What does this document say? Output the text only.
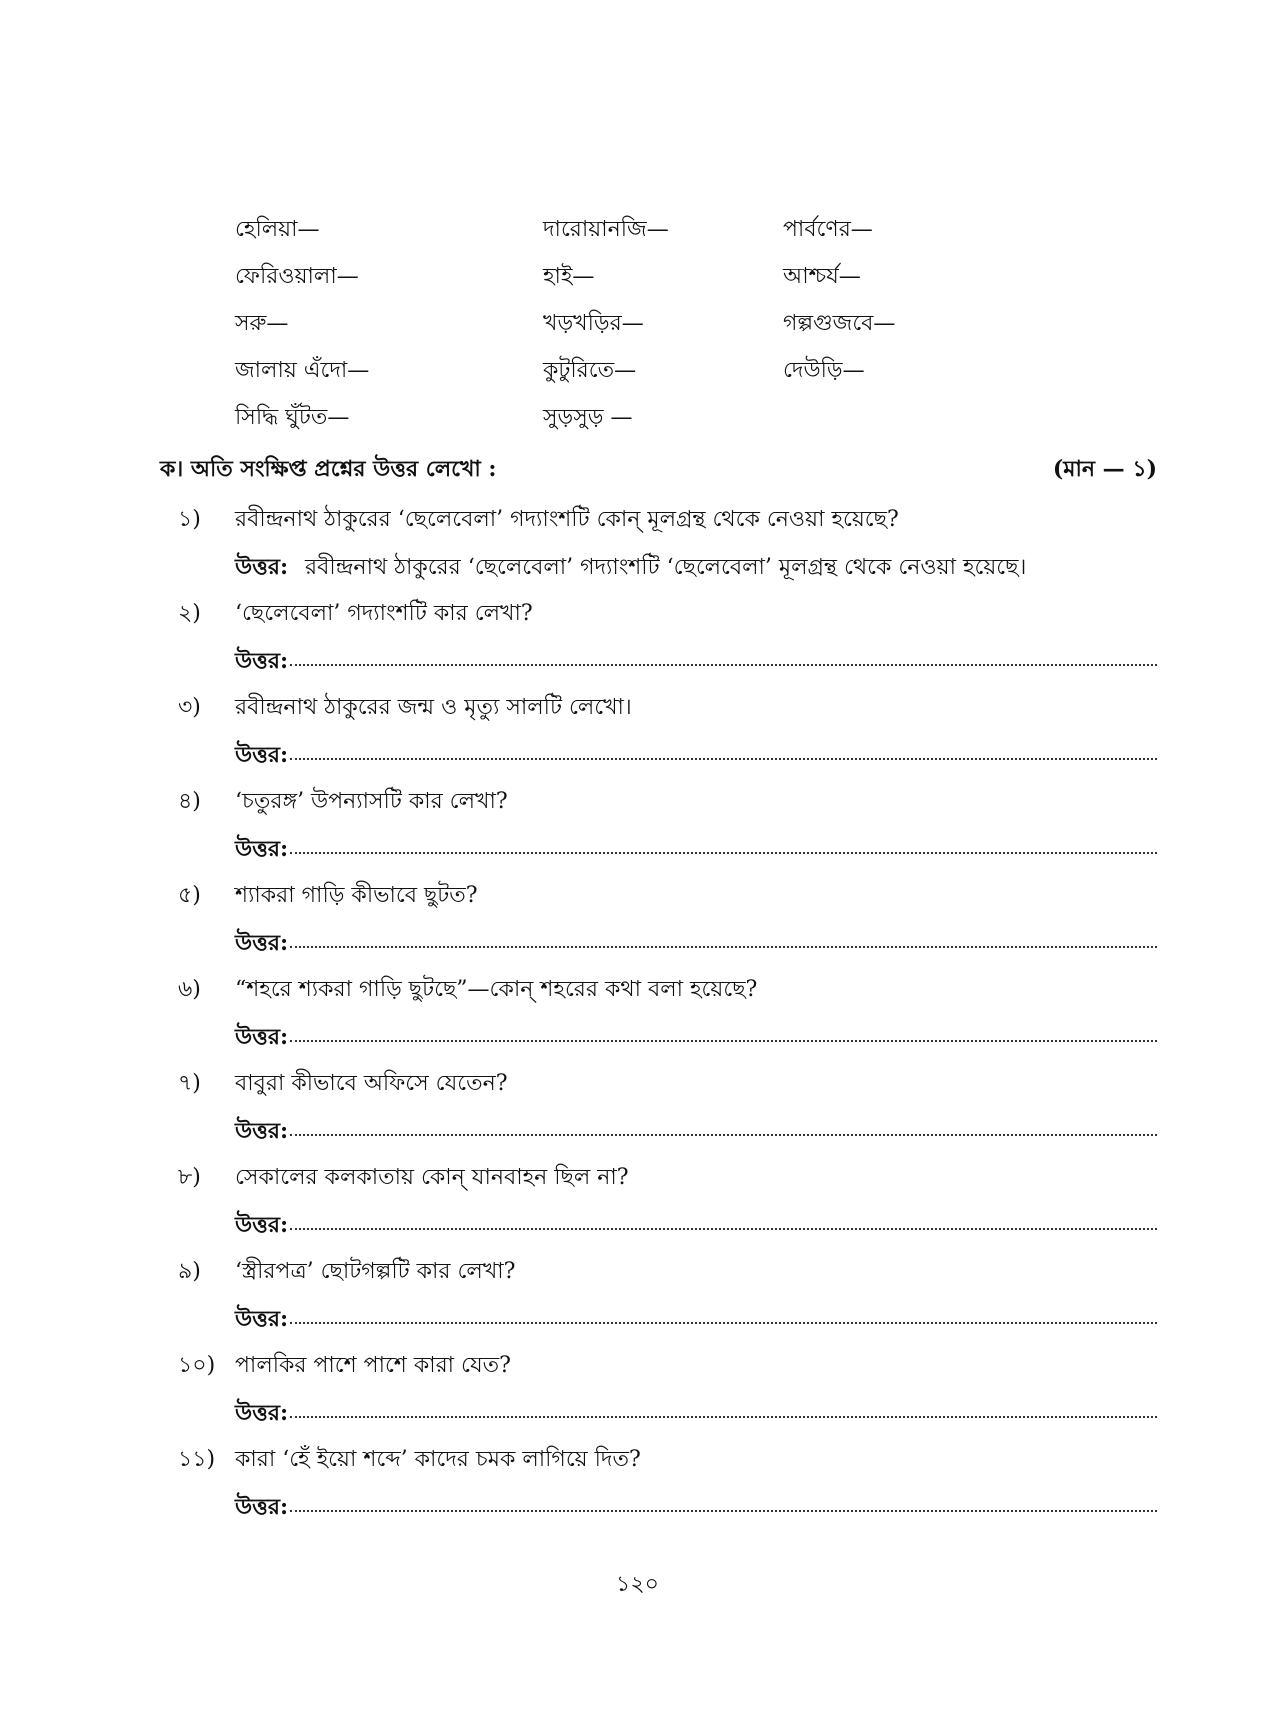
হেলিয়া—	দারোয়ানজি—	পার্বণের—
ফেরিওয়ালা—	হাই—	আশ্চর্য—
সরু—	খড়খড়ির—	গল্পগুজবে—
জালায় এঁদো—	কুটুরিতে—	দেউড়ি—
সিদ্ধি ঘুঁটত—	সুড়সুড় —
ক। অতি সংক্ষিপ্ত প্রশ্নের উত্তর লেখো :	(মান — ১)
১)	রবীন্দ্রনাথ ঠাকুরের ‘ছেলেবেলা’ গদ্যাংশটি কোন্ মূলগ্রন্থ থেকে নেওয়া হয়েছে?
উত্তর: রবীন্দ্রনাথ ঠাকুরের ‘ছেলেবেলা’ গদ্যাংশটি ‘ছেলেবেলা’ মূলগ্রন্থ থেকে নেওয়া হয়েছে।
২)	‘ছেলেবেলা’ গদ্যাংশটি কার লেখা?
উত্তর:
৩)	রবীন্দ্রনাথ ঠাকুরের জন্ম ও মৃত্যু সালটি লেখো।
উত্তর:
৪)	‘চতুরঙ্গ’ উপন্যাসটি কার লেখা?
উত্তর:
৫)	শ্যাকরা গাড়ি কীভাবে ছুটত?
উত্তর:
৬)	“শহরে শ্যকরা গাড়ি ছুটছে”—কোন্ শহরের কথা বলা হয়েছে?
উত্তর:
৭)	বাবুরা কীভাবে অফিসে যেতেন?
উত্তর:
৮)	সেকালের কলকাতায় কোন্ যানবাহন ছিল না?
উত্তর:
৯)	‘স্ত্রীরপত্র’ ছোটগল্পটি কার লেখা?
উত্তর:
১০) পালকির পাশে পাশে কারা যেত?
উত্তর:
১১) কারা ‘হেঁ ইয়ো শব্দে’ কাদের চমক লাগিয়ে দিত?
উত্তর:
১২০
